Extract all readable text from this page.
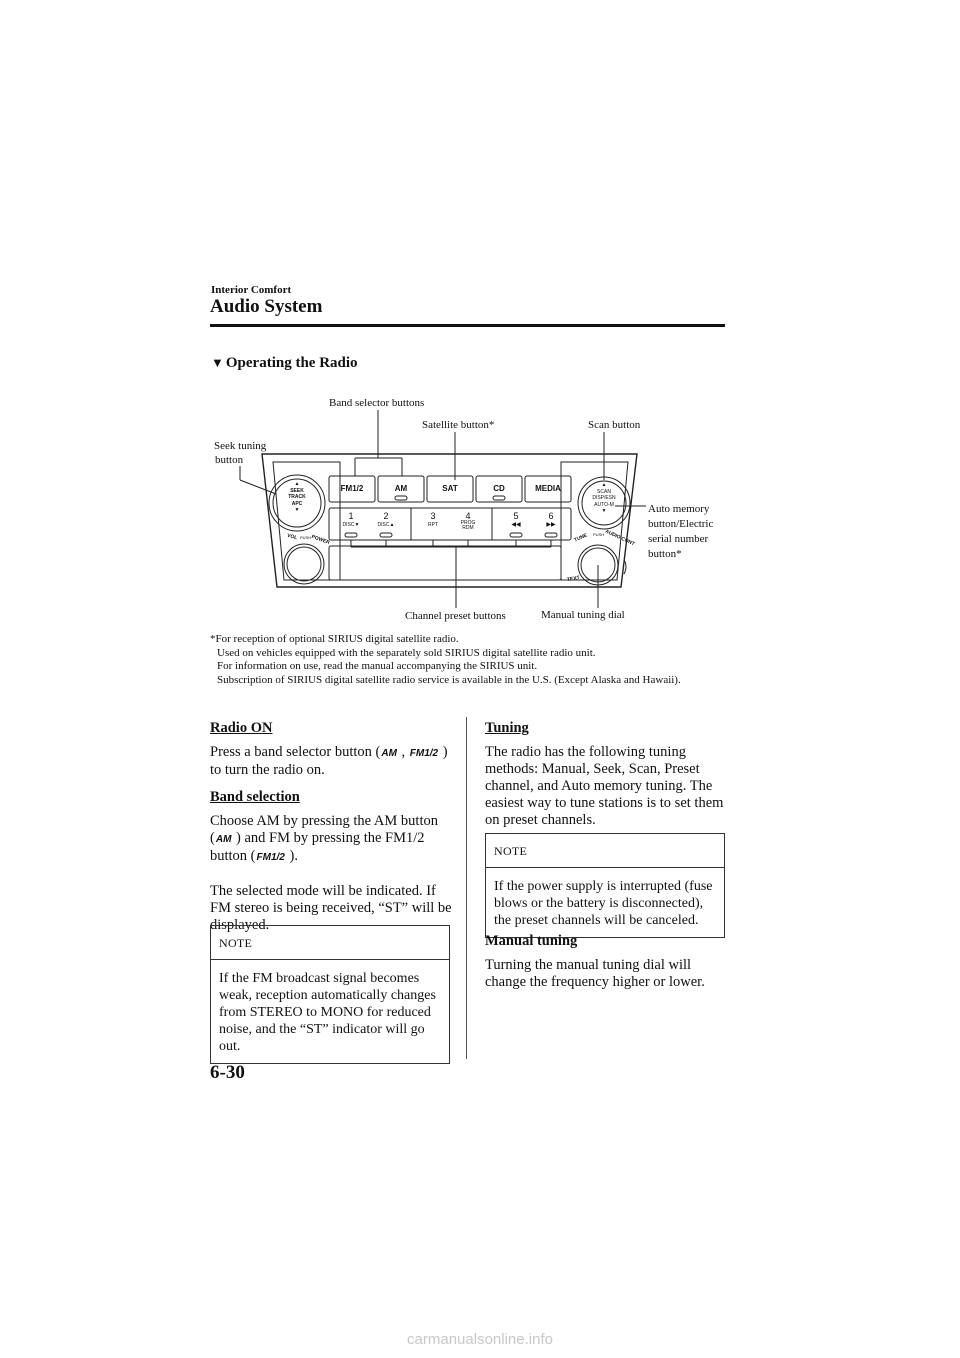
Interior Comfort
Audio System
▼ Operating the Radio
Band selector buttons
Satellite button*	Scan button
Seek tuning
button
Auto memory
button/Electric
serial number
button*
Channel preset buttons	Manual tuning dial
FM1/2	AM	SAT	CD	MEDIA
1
DISC▼
2
DISC▲
3
RPT
4
PROG RDM
5
◀◀
6
▶▶
▲
SEEK
TRACK
APC
▼
▲
SCAN
DISP/ESN
AUTO-M
▼
VOL PUSH POWER	TUNE PUSH AUDIO CONT
TEXT
*For reception of optional SIRIUS digital satellite radio.
Used on vehicles equipped with the separately sold SIRIUS digital satellite radio unit.
For information on use, read the manual accompanying the SIRIUS unit.
Subscription of SIRIUS digital satellite radio service is available in the U.S. (Except Alaska and Hawaii).

Radio ON

Press a band selector button (AM , FM1/2 )

to turn the radio on.

Band selection

Choose AM by pressing the AM button

(AM ) and FM by pressing the FM1/2

button (FM1/2 ).

The selected mode will be indicated. If FM stereo is being received, “ST” will be displayed.

NOTE
If the FM broadcast signal becomes weak, reception automatically changes from STEREO to MONO for reduced noise, and the “ST” indicator will go out.

Tuning

The radio has the following tuning methods: Manual, Seek, Scan, Preset channel, and Auto memory tuning. The easiest way to tune stations is to set them on preset channels.

NOTE
If the power supply is interrupted (fuse blows or the battery is disconnected), the preset channels will be canceled.

Manual tuning

Turning the manual tuning dial will change the frequency higher or lower.

6-30
carmanualsonline.info
